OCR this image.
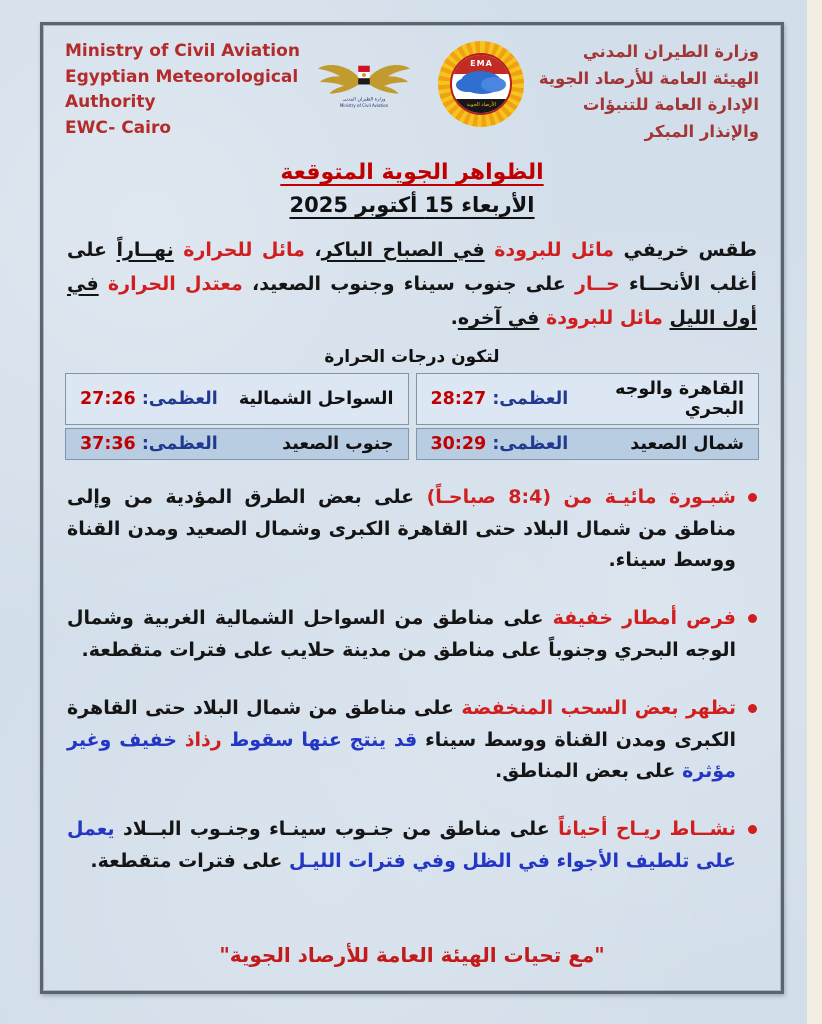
Ministry of Civil Aviation
Egyptian Meteorological Authority
EWC- Cairo
وزارة الطيران المدنى
Ministry of Civil Aviation
EMA
الأرصاد الجوية
وزارة الطيران المدني
الهيئة العامة للأرصاد الجوية
الإدارة العامة للتنبؤات والإنذار المبكر
الظواهر الجوية المتوقعة
الأربعاء 15 أكتوبر 2025

طقس خريفي مائل للبرودة في الصباح الباكر، مائل للحرارة نهــاراً على أغلب الأنحــاء حــار على جنوب سيناء وجنوب الصعيد، معتدل الحرارة في أول الليل مائل للبرودة في آخره.

لتكون درجات الحرارة
القاهرة والوجه البحري
العظمى: 28:27
السواحل الشمالية
العظمى: 27:26
شمال الصعيد
العظمى: 30:29
جنوب الصعيد
العظمى: 37:36

شبـورة مائيـة من (8:4 صباحـاً) على بعض الطرق المؤدية من وإلى مناطق من شمال البلاد حتى القاهرة الكبرى وشمال الصعيد ومدن القناة ووسط سيناء.

فرص أمطار خفيفة على مناطق من السواحل الشمالية الغربية وشمال الوجه البحري وجنوباً على مناطق من مدينة حلايب على فترات متقطعة.

تظهر بعض السحب المنخفضة على مناطق من شمال البلاد حتى القاهرة الكبرى ومدن القناة ووسط سيناء قد ينتج عنها سقوط رذاذ خفيف وغير مؤثرة على بعض المناطق.

نشــاط ريـاح أحياناً على مناطق من جنـوب سينـاء وجنـوب البــلاد يعمل على تلطيف الأجواء في الظل وفي فترات الليـل على فترات متقطعة.

"مع تحيات الهيئة العامة للأرصاد الجوية"
